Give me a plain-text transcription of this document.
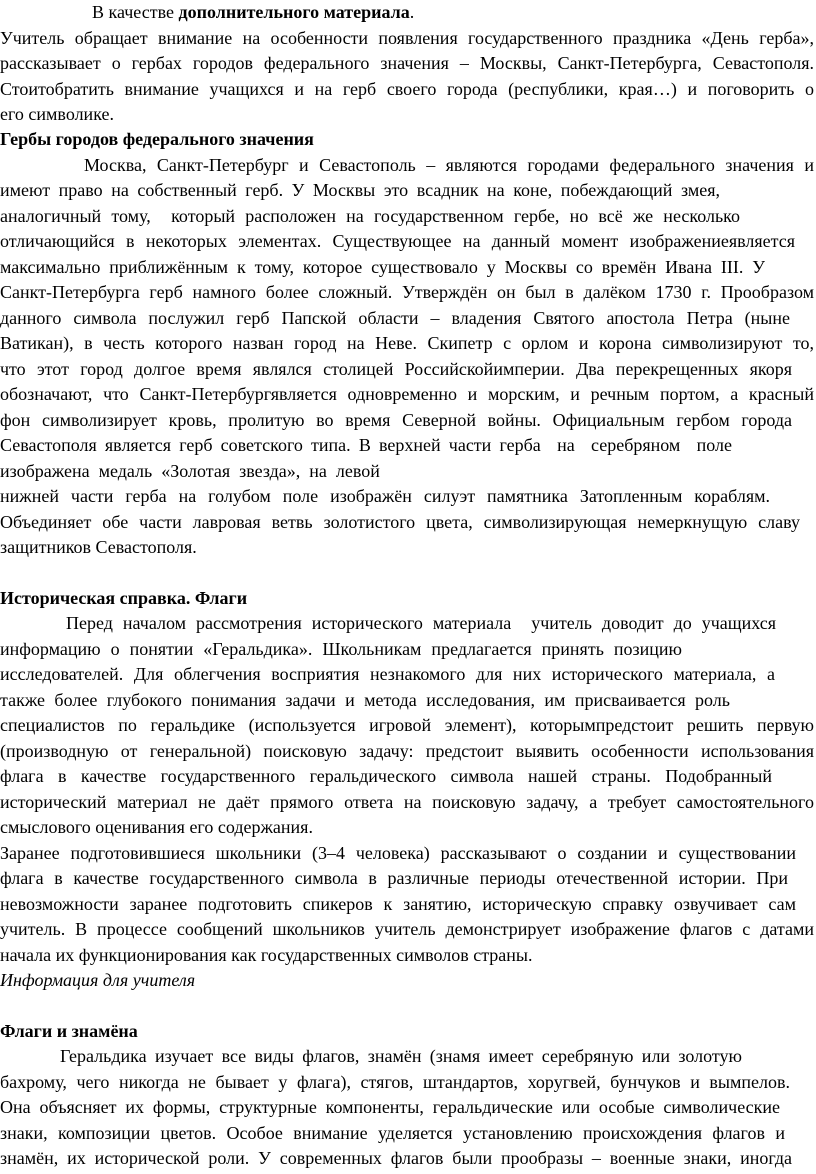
В качестве дополнительного материала.
Учитель обращает внимание на особенности появления государственного праздника «День герба»,
рассказывает о гербах городов федерального значения – Москвы, Санкт-Петербурга, Севастополя.
Стоитобратить внимание учащихся и на герб своего города (республики, края…) и поговорить о
его символике.
Гербы городов федерального значения
Москва, Санкт-Петербург и Севастополь – являются городами федерального значения и
имеют право на собственный герб. У Москвы это всадник на коне, побеждающий змея,
аналогичный тому,  который расположен на государственном гербе, но всё же несколько
отличающийся в некоторых элементах. Существующее на данный момент изображениеявляется
максимально приближённым к тому, которое существовало у Москвы со времён Ивана III. У
Санкт-Петербурга герб намного более сложный. Утверждён он был в далёком 1730 г. Прообразом
данного символа послужил герб Папской области – владения Святого апостола Петра (ныне
Ватикан), в честь которого назван город на Неве. Скипетр с орлом и корона символизируют то,
что этот город долгое время являлся столицей Российскойимперии. Два перекрещенных якоря
обозначают, что Санкт-Петербургявляется одновременно и морским, и речным портом, а красный
фон символизирует кровь, пролитую во время Северной войны. Официальным гербом города
Севастополя является герб советского типа. В верхней части герба  на  серебряном  поле
изображена  медаль  «Золотая  звезда»,  на  левой
нижней части герба на голубом поле изображён силуэт памятника Затопленным кораблям.
Объединяет обе части лавровая ветвь золотистого цвета, символизирующая немеркнущую славу
защитников Севастополя.
Историческая справка. Флаги
Перед началом рассмотрения исторического материала  учитель доводит до учащихся
информацию о понятии «Геральдика». Школьникам предлагается принять позицию
исследователей. Для облегчения восприятия незнакомого для них исторического материала, а
также более глубокого понимания задачи и метода исследования, им присваивается роль
специалистов по геральдике (используется игровой элемент), которымпредстоит решить первую
(производную от генеральной) поисковую задачу: предстоит выявить особенности использования
флага в качестве государственного геральдического символа нашей страны. Подобранный
исторический материал не даёт прямого ответа на поисковую задачу, а требует самостоятельного
смыслового оценивания его содержания.
Заранее подготовившиеся школьники (3–4 человека) рассказывают о создании и существовании
флага в качестве государственного символа в различные периоды отечественной истории. При
невозможности заранее подготовить спикеров к занятию, историческую справку озвучивает сам
учитель. В процессе сообщений школьников учитель демонстрирует изображение флагов с датами
начала их функционирования как государственных символов страны.
Информация для учителя
Флаги и знамёна
Геральдика изучает все виды флагов, знамён (знамя имеет серебряную или золотую
бахрому, чего никогда не бывает у флага), стягов, штандартов, хоругвей, бунчуков и вымпелов.
Она объясняет их формы, структурные компоненты, геральдические или особые символические
знаки, композиции цветов. Особое внимание уделяется установлению происхождения флагов и
знамён, их исторической роли. У современных флагов были прообразы – военные знаки, иногда
